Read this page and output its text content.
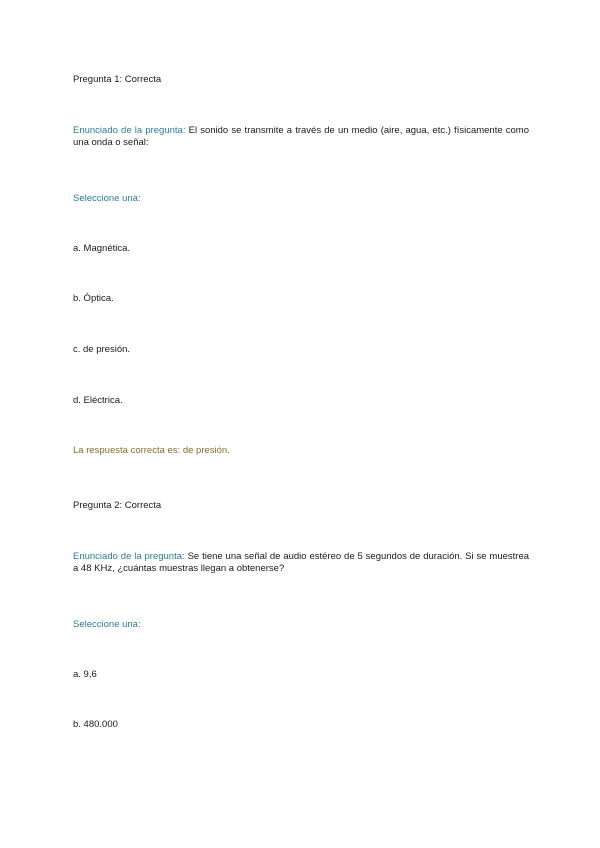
Pregunta 1: Correcta
Enunciado de la pregunta: El sonido se transmite a través de un medio (aire, agua, etc.) físicamente como una onda o señal:
Seleccione una:
a. Magnética.
b. Óptica.
c. de presión.
d. Eléctrica.
La respuesta correcta es: de presión.
Pregunta 2: Correcta
Enunciado de la pregunta: Se tiene una señal de audio estéreo de 5 segundos de duración. Si se muestrea a 48 KHz, ¿cuántas muestras llegan a obtenerse?
Seleccione una:
a. 9,6
b. 480.000
